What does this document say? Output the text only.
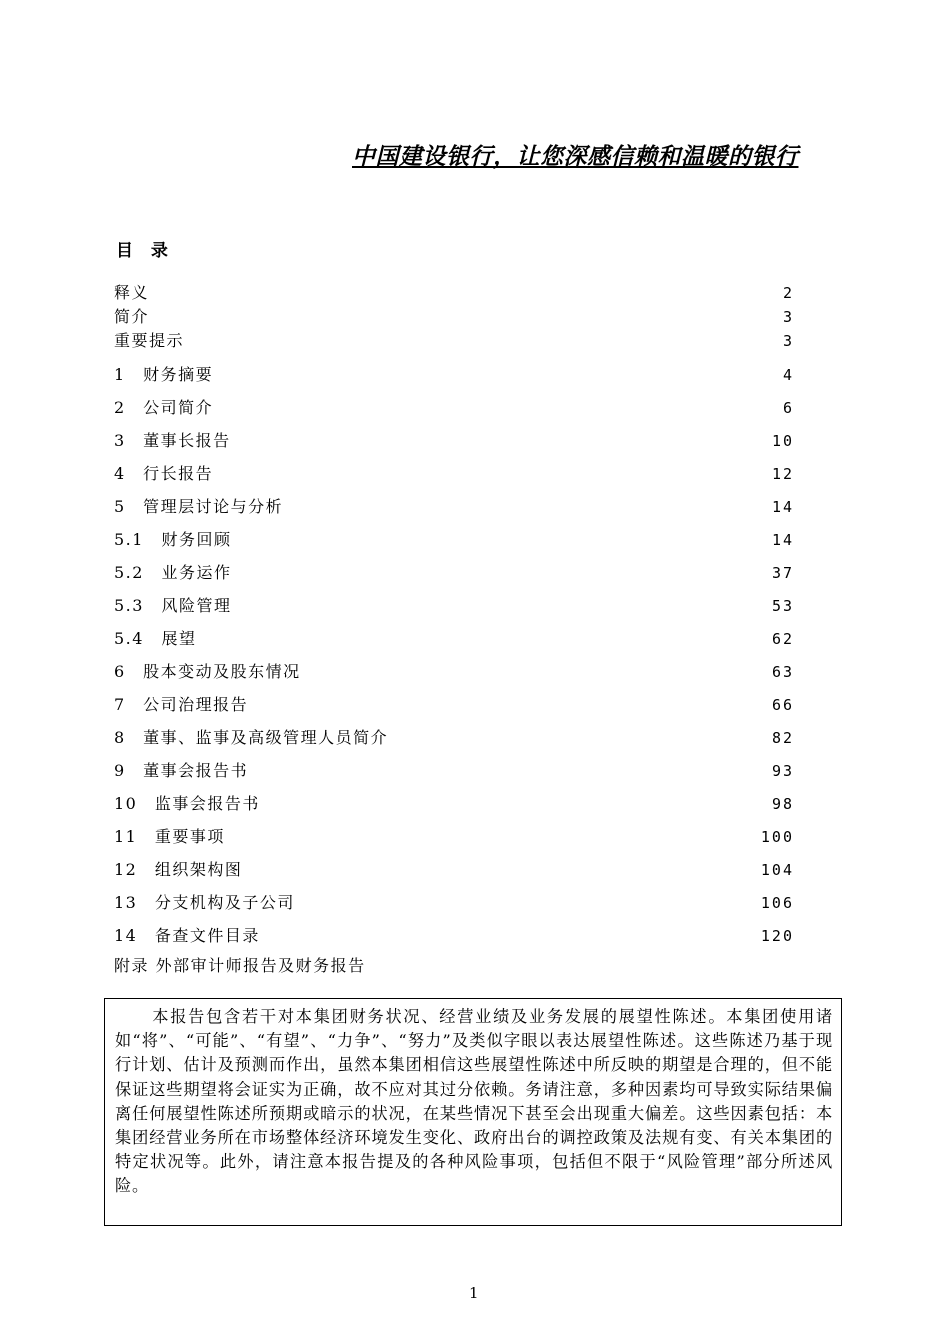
中国建设银行，让您深感信赖和温暖的银行
目 录
释义	2
简介	3
重要提示	3
1　财务摘要	4
2　公司简介	6
3　董事长报告	10
4　行长报告	12
5　管理层讨论与分析	14
5.1　财务回顾	14
5.2　业务运作	37
5.3　风险管理	53
5.4　展望	62
6　股本变动及股东情况	63
7　公司治理报告	66
8　董事、监事及高级管理人员简介	82
9　董事会报告书	93
10　监事会报告书	98
11　重要事项	100
12　组织架构图	104
13　分支机构及子公司	106
14　备查文件目录	120
附录 外部审计师报告及财务报告

本报告包含若干对本集团财务状况、经营业绩及业务发展的展望性陈述。本集团使用诸如“将”、“可能”、“有望”、“力争”、“努力”及类似字眼以表达展望性陈述。这些陈述乃基于现行计划、估计及预测而作出，虽然本集团相信这些展望性陈述中所反映的期望是合理的，但不能保证这些期望将会证实为正确，故不应对其过分依赖。务请注意，多种因素均可导致实际结果偏离任何展望性陈述所预期或暗示的状况，在某些情况下甚至会出现重大偏差。这些因素包括：本集团经营业务所在市场整体经济环境发生变化、政府出台的调控政策及法规有变、有关本集团的特定状况等。此外，请注意本报告提及的各种风险事项，包括但不限于“风险管理”部分所述风险。

1
